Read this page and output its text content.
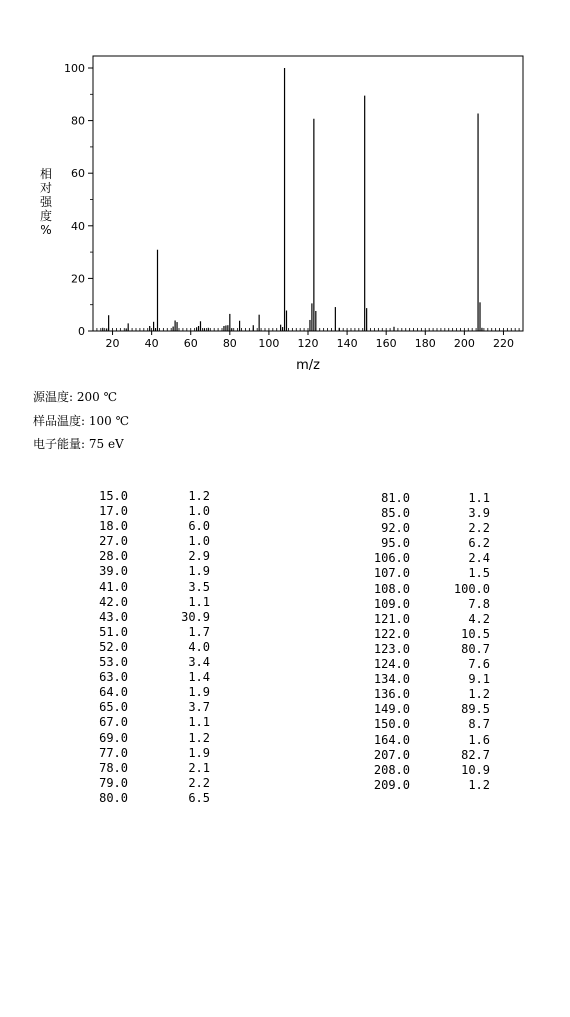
20 40 60 80 100 120 140 160 180 200 220
0
20
40
60
80
100
m/z
相
对
强
度
%
源温度: 200 ℃
样品温度: 100 ℃
电子能量: 75 eV
15.0	1.2
17.0	1.0
18.0	6.0
27.0	1.0
28.0	2.9
39.0	1.9
41.0	3.5
42.0	1.1
43.0	30.9
51.0	1.7
52.0	4.0
53.0	3.4
63.0	1.4
64.0	1.9
65.0	3.7
67.0	1.1
69.0	1.2
77.0	1.9
78.0	2.1
79.0	2.2
80.0	6.5
81.0	1.1
85.0	3.9
92.0	2.2
95.0	6.2
106.0	2.4
107.0	1.5
108.0	100.0
109.0	7.8
121.0	4.2
122.0	10.5
123.0	80.7
124.0	7.6
134.0	9.1
136.0	1.2
149.0	89.5
150.0	8.7
164.0	1.6
207.0	82.7
208.0	10.9
209.0	1.2
